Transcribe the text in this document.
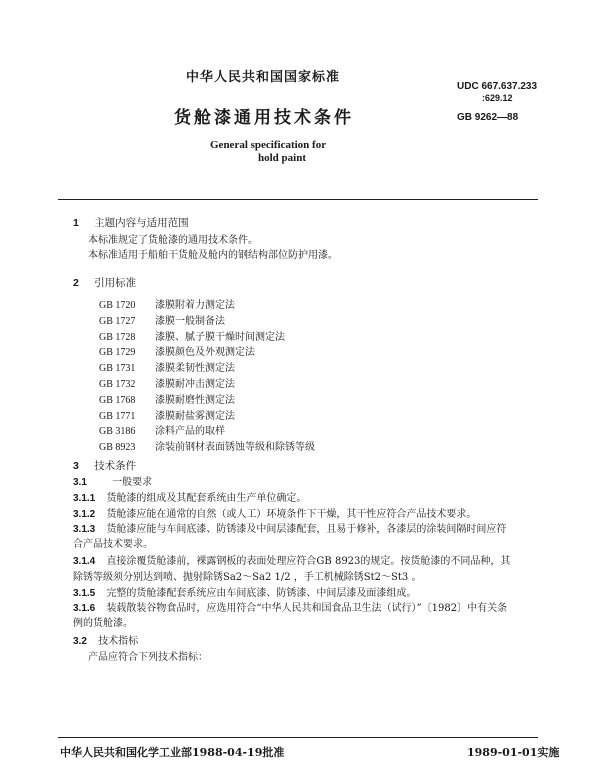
中华人民共和国国家标准
UDC 667.637.233
:629.12
货舱漆通用技术条件	GB 9262—88
General specification for
hold paint
1 主题内容与适用范围
本标准规定了货舱漆的通用技术条件。
本标准适用于船舶干货舱及舱内的钢结构部位防护用漆。
2 引用标准
GB 1720 漆膜附着力测定法
GB 1727 漆膜一般制备法
GB 1728 漆膜、腻子膜干燥时间测定法
GB 1729 漆膜颜色及外观测定法
GB 1731 漆膜柔韧性测定法
GB 1732 漆膜耐冲击测定法
GB 1768 漆膜耐磨性测定法
GB 1771 漆膜耐盐雾测定法
GB 3186 涂料产品的取样
GB 8923 涂装前钢材表面锈蚀等级和除锈等级
3 技术条件
3.1	一般要求
3.1.1 货舱漆的组成及其配套系统由生产单位确定。
3.1.2 货舱漆应能在通常的自然（或人工）环境条件下干燥，其干性应符合产品技术要求。
3.1.3 货舱漆应能与车间底漆、防锈漆及中间层漆配套，且易于修补，各漆层的涂装间隔时间应符
合产品技术要求。
3.1.4 直接涂覆货舱漆前，裸露钢板的表面处理应符合GB 8923的规定。按货舱漆的不同品种，其
除锈等级须分别达到喷、抛射除锈Sa2～Sa2 1/2 ，手工机械除锈St2～St3 。
3.1.5 完整的货舱漆配套系统应由车间底漆、防锈漆、中间层漆及面漆组成。
3.1.6 装载散装谷物食品时，应选用符合“中华人民共和国食品卫生法（试行）”〔1982〕中有关条
例的货舱漆。
3.2 技术指标
产品应符合下列技术指标：
中华人民共和国化学工业部1988-04-19批准	1989-01-01实施
